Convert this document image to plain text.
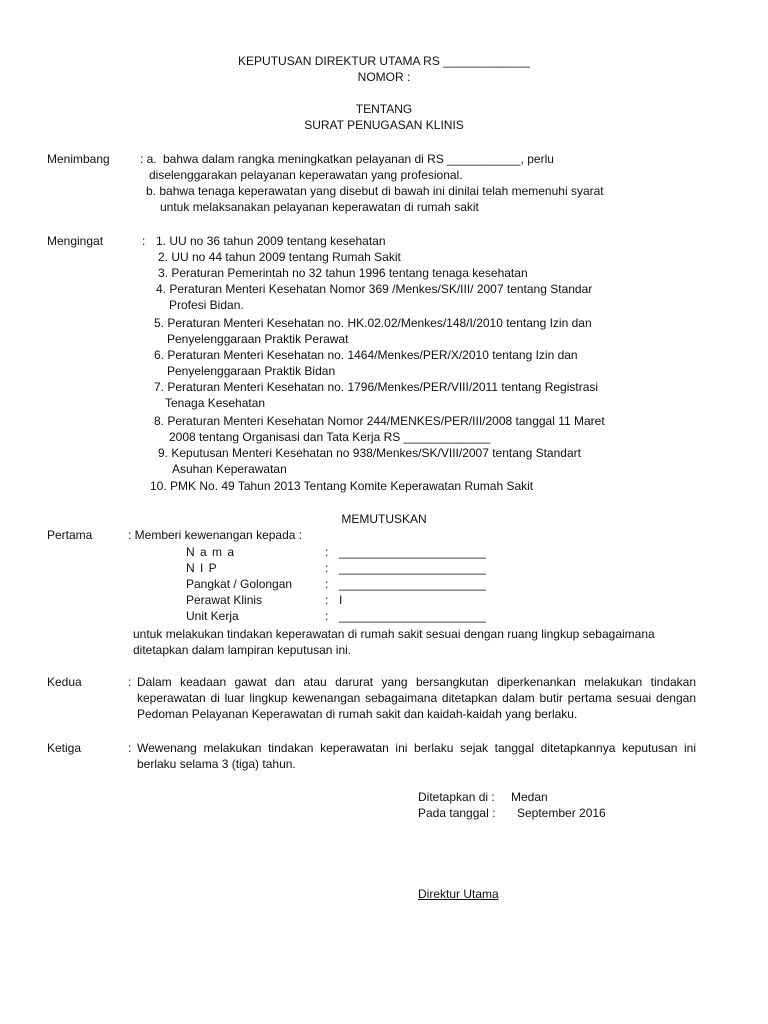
KEPUTUSAN DIREKTUR UTAMA RS _____________
NOMOR :
TENTANG
SURAT PENUGASAN KLINIS
Menimbang	: a. bahwa dalam rangka meningkatkan pelayanan di RS ___________, perlu
diselenggarakan pelayanan keperawatan yang profesional.
b. bahwa tenaga keperawatan yang disebut di bawah ini dinilai telah memenuhi syarat
untuk melaksanakan pelayanan keperawatan di rumah sakit
Mengingat	: 1. UU no 36 tahun 2009 tentang kesehatan
2. UU no 44 tahun 2009 tentang Rumah Sakit
3. Peraturan Pemerintah no 32 tahun 1996 tentang tenaga kesehatan
4. Peraturan Menteri Kesehatan Nomor 369 /Menkes/SK/III/ 2007 tentang Standar
Profesi Bidan.
5. Peraturan Menteri Kesehatan no. HK.02.02/Menkes/148/I/2010 tentang Izin dan
Penyelenggaraan Praktik Perawat
6. Peraturan Menteri Kesehatan no. 1464/Menkes/PER/X/2010 tentang Izin dan
Penyelenggaraan Praktik Bidan
7. Peraturan Menteri Kesehatan no. 1796/Menkes/PER/VIII/2011 tentang Registrasi
Tenaga Kesehatan
8. Peraturan Menteri Kesehatan Nomor 244/MENKES/PER/III/2008 tanggal 11 Maret
2008 tentang Organisasi dan Tata Kerja RS _____________
9. Keputusan Menteri Kesehatan no 938/Menkes/SK/VIII/2007 tentang Standart
Asuhan Keperawatan
10. PMK No. 49 Tahun 2013 Tentang Komite Keperawatan Rumah Sakit
MEMUTUSKAN
Pertama	: Memberi kewenangan kepada :
N a m a	: ______________________
N I P	: ______________________
Pangkat / Golongan	: ______________________
Perawat Klinis	: I
Unit Kerja	: ______________________
untuk melakukan tindakan keperawatan di rumah sakit sesuai dengan ruang lingkup sebagaimana
ditetapkan dalam lampiran keputusan ini.
Kedua	: Dalam keadaan gawat dan atau darurat yang bersangkutan diperkenankan melakukan tindakan keperawatan di luar lingkup kewenangan sebagaimana ditetapkan dalam butir pertama sesuai dengan Pedoman Pelayanan Keperawatan di rumah sakit dan kaidah-kaidah yang berlaku.
Ketiga	: Wewenang melakukan tindakan keperawatan ini berlaku sejak tanggal ditetapkannya keputusan ini berlaku selama 3 (tiga) tahun.
Ditetapkan di : Medan
Pada tanggal : September 2016
Direktur Utama
